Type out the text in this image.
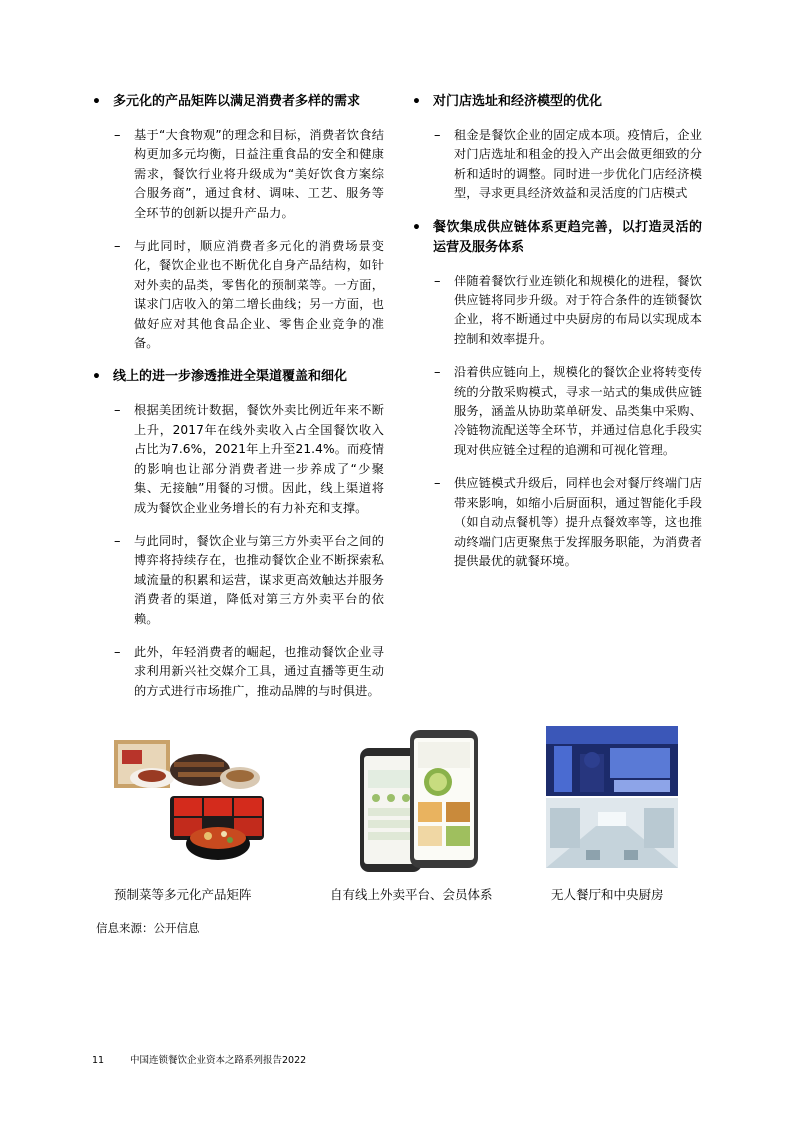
• 多元化的产品矩阵以满足消费者多样的需求
– 基于“大食物观”的理念和目标，消费者饮食结构更加多元均衡，日益注重食品的安全和健康需求，餐饮行业将升级成为“美好饮食方案综合服务商”，通过食材、调味、工艺、服务等全环节的创新以提升产品力。
– 与此同时，顺应消费者多元化的消费场景变化，餐饮企业也不断优化自身产品结构，如针对外卖的品类，零售化的预制菜等。一方面，谋求门店收入的第二增长曲线；另一方面，也做好应对其他食品企业、零售企业竞争的准备。
• 线上的进一步渗透推进全渠道覆盖和细化
– 根据美团统计数据，餐饮外卖比例近年来不断上升，2017年在线外卖收入占全国餐饮收入占比为7.6%，2021年上升至21.4%。而疫情的影响也让部分消费者进一步养成了“少聚集、无接触”用餐的习惯。因此，线上渠道将成为餐饮企业业务增长的有力补充和支撑。
– 与此同时，餐饮企业与第三方外卖平台之间的博弈将持续存在，也推动餐饮企业不断探索私域流量的积累和运营，谋求更高效触达并服务消费者的渠道，降低对第三方外卖平台的依赖。
– 此外，年轻消费者的崛起，也推动餐饮企业寻求利用新兴社交媒介工具，通过直播等更生动的方式进行市场推广，推动品牌的与时俱进。
• 对门店选址和经济模型的优化
– 租金是餐饮企业的固定成本项。疫情后，企业对门店选址和租金的投入产出会做更细致的分析和适时的调整。同时进一步优化门店经济模型，寻求更具经济效益和灵活度的门店模式
• 餐饮集成供应链体系更趋完善，以打造灵活的运营及服务体系
– 伴随着餐饮行业连锁化和规模化的进程，餐饮供应链将同步升级。对于符合条件的连锁餐饮企业，将不断通过中央厨房的布局以实现成本控制和效率提升。
– 沿着供应链向上，规模化的餐饮企业将转变传统的分散采购模式，寻求一站式的集成供应链服务，涵盖从协助菜单研发、品类集中采购、冷链物流配送等全环节，并通过信息化手段实现对供应链全过程的追溯和可视化管理。
– 供应链模式升级后，同样也会对餐厅终端门店带来影响，如缩小后厨面积，通过智能化手段（如自动点餐机等）提升点餐效率等，这也推动终端门店更聚焦于发挥服务职能，为消费者提供最优的就餐环境。
预制菜等多元化产品矩阵	自有线上外卖平台、会员体系	无人餐厅和中央厨房
信息来源：公开信息
11	中国连锁餐饮企业资本之路系列报告2022
